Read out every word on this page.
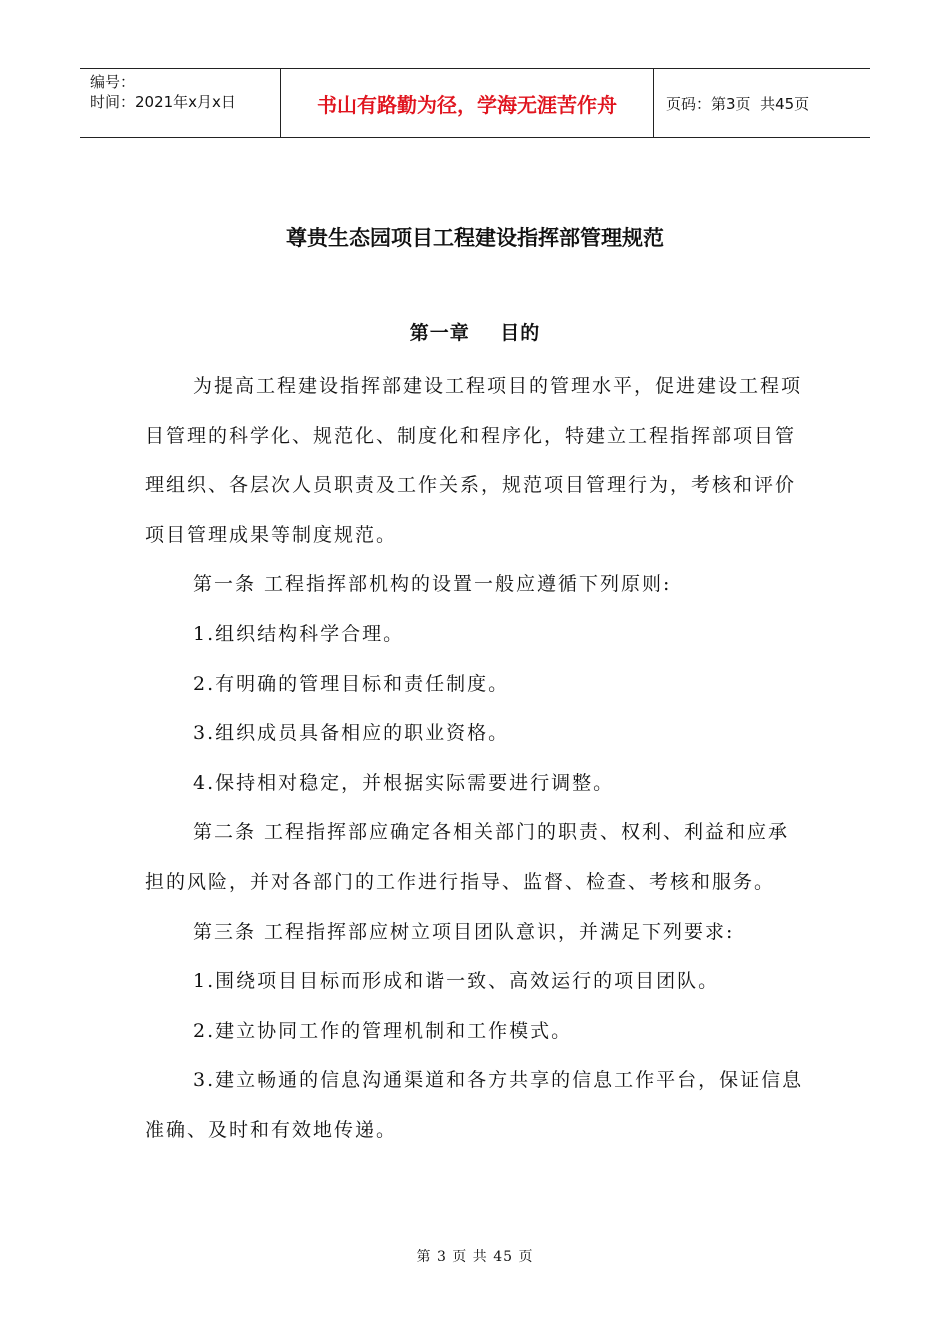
编号：
时间：2021年x月x日	书山有路勤为径，学海无涯苦作舟	页码：第3页  共45页
尊贵生态园项目工程建设指挥部管理规范
第一章    目的

为提高工程建设指挥部建设工程项目的管理水平，促进建设工程项目管理的科学化、规范化、制度化和程序化，特建立工程指挥部项目管理组织、各层次人员职责及工作关系，规范项目管理行为，考核和评价项目管理成果等制度规范。

第一条 工程指挥部机构的设置一般应遵循下列原则:

1.组织结构科学合理。

2.有明确的管理目标和责任制度。

3.组织成员具备相应的职业资格。

4.保持相对稳定，并根据实际需要进行调整。

第二条 工程指挥部应确定各相关部门的职责、权利、利益和应承担的风险，并对各部门的工作进行指导、监督、检查、考核和服务。

第三条 工程指挥部应树立项目团队意识，并满足下列要求:

1.围绕项目目标而形成和谐一致、高效运行的项目团队。

2.建立协同工作的管理机制和工作模式。

3.建立畅通的信息沟通渠道和各方共享的信息工作平台，保证信息准确、及时和有效地传递。

第 3 页 共 45 页
